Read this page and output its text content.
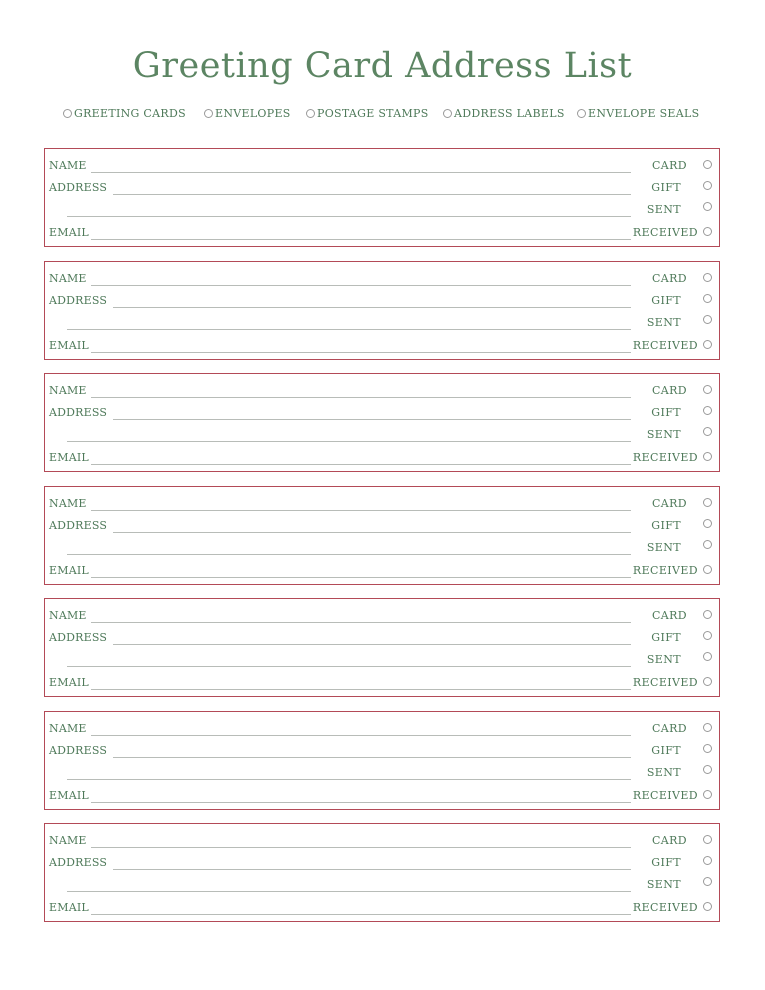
Greeting Card Address List
GREETING CARDS	ENVELOPES POSTAGE STAMPS ADDRESS LABELS ENVELOPE SEALS
NAME	CARD
ADDRESS	GIFT
SENT
EMAIL	RECEIVED
NAME	CARD
ADDRESS	GIFT
SENT
EMAIL	RECEIVED
NAME	CARD
ADDRESS	GIFT
SENT
EMAIL	RECEIVED
NAME	CARD
ADDRESS	GIFT
SENT
EMAIL	RECEIVED
NAME	CARD
ADDRESS	GIFT
SENT
EMAIL	RECEIVED
NAME	CARD
ADDRESS	GIFT
SENT
EMAIL	RECEIVED
NAME	CARD
ADDRESS	GIFT
SENT
EMAIL	RECEIVED
